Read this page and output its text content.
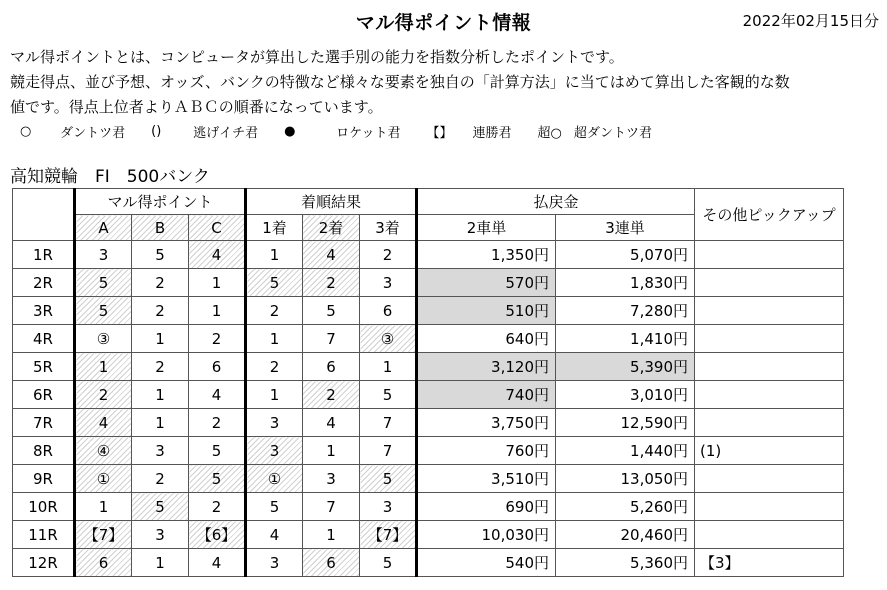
マル得ポイント情報	2022年02月15日分
マル得ポイントとは、コンピュータが算出した選手別の能力を指数分析したポイントです。
競走得点、並び予想、オッズ、バンクの特徴など様々な要素を独自の「計算方法」に当てはめて算出した客観的な数
値です。得点上位者よりＡＢＣの順番になっています。
○	ダントツ君 ()	逃げイチ君 ●	ロケット君 【】 連勝君 超○ 超ダントツ君
高知競輪　FI　500バンク
	マル得ポイント			着順結果			払戻金		その他ピックアップ
	A	B	C	1着	2着	3着	2車単	3連単	
1R	3	5	4	1	4	2	1,350円	5,070円	
2R	5	2	1	5	2	3	570円	1,830円	
3R	5	2	1	2	5	6	510円	7,280円	
4R	③	1	2	1	7	③	640円	1,410円	
5R	1	2	6	2	6	1	3,120円	5,390円	
6R	2	1	4	1	2	5	740円	3,010円	
7R	4	1	2	3	4	7	3,750円	12,590円	
8R	④	3	5	3	1	7	760円	1,440円	(1)
9R	①	2	5	①	3	5	3,510円	13,050円	
10R	1	5	2	5	7	3	690円	5,260円	
11R	【7】	3	【6】	4	1	【7】	10,030円	20,460円	
12R	6	1	4	3	6	5	540円	5,360円	【3】
